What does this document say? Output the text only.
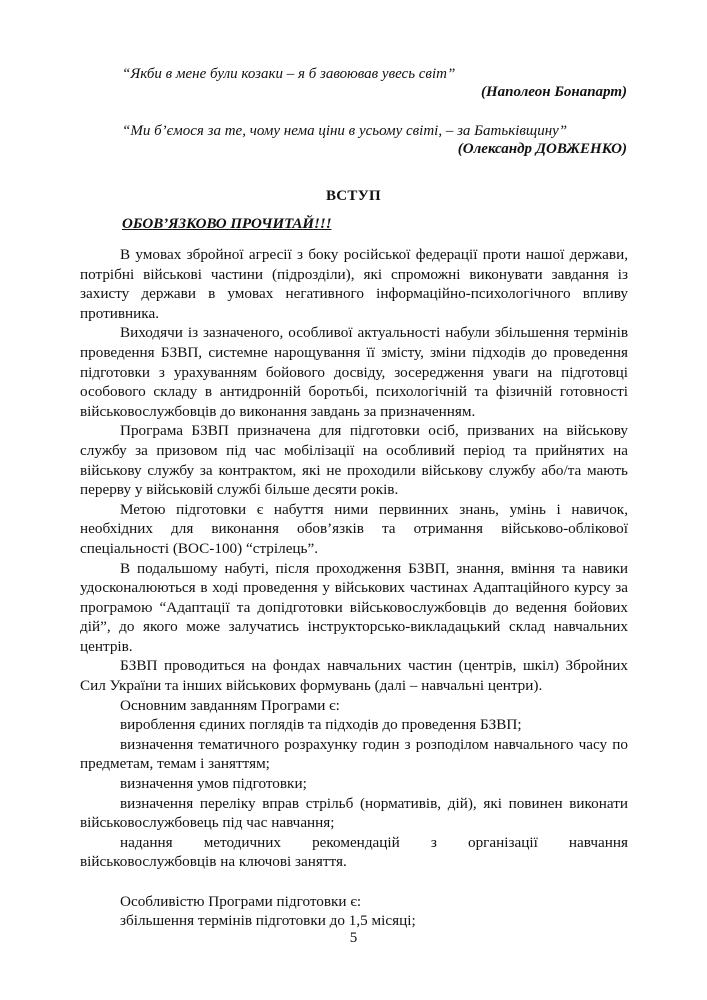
“Якби в мене були козаки – я б завоював увесь світ”
(Наполеон Бонапарт)
“Ми б’ємося за те, чому нема ціни в усьому світі, – за Батьківщину”
(Олександр ДОВЖЕНКО)
ВСТУП
ОБОВ’ЯЗКОВО ПРОЧИТАЙ!!!

В умовах збройної агресії з боку російської федерації проти нашої держави, потрібні військові частини (підрозділи), які спроможні виконувати завдання із захисту держави в умовах негативного інформаційно-психологічного впливу противника.

Виходячи із зазначеного, особливої актуальності набули збільшення термінів проведення БЗВП, системне нарощування її змісту, зміни підходів до проведення підготовки з урахуванням бойового досвіду, зосередження уваги на підготовці особового складу в антидронній боротьбі, психологічній та фізичній готовності військовослужбовців до виконання завдань за призначенням.

Програма БЗВП призначена для підготовки осіб, призваних на військову службу за призовом під час мобілізації на особливий період та прийнятих на військову службу за контрактом, які не проходили військову службу або/та мають перерву у військовій службі більше десяти років.

Метою підготовки є набуття ними первинних знань, умінь і навичок, необхідних для виконання обов’язків та отримання військово-облікової спеціальності (ВОС-100) “стрілець”.

В подальшому набуті, після проходження БЗВП, знання, вміння та навики удосконалюються в ході проведення у військових частинах Адаптаційного курсу за програмою “Адаптації та допідготовки військовослужбовців до ведення бойових дій”, до якого може залучатись інструкторсько-викладацький склад навчальних центрів.

БЗВП проводиться на фондах навчальних частин (центрів, шкіл) Збройних Сил України та інших військових формувань (далі – навчальні центри).

Основним завданням Програми є:

вироблення єдиних поглядів та підходів до проведення БЗВП;

визначення тематичного розрахунку годин з розподілом навчального часу по предметам, темам і заняттям;

визначення умов підготовки;

визначення переліку вправ стрільб (нормативів, дій), які повинен виконати військовослужбовець під час навчання;

надання методичних рекомендацій з організації навчання військовослужбовців на ключові заняття.

Особливістю Програми підготовки є:

збільшення термінів підготовки до 1,5 місяці;

5
